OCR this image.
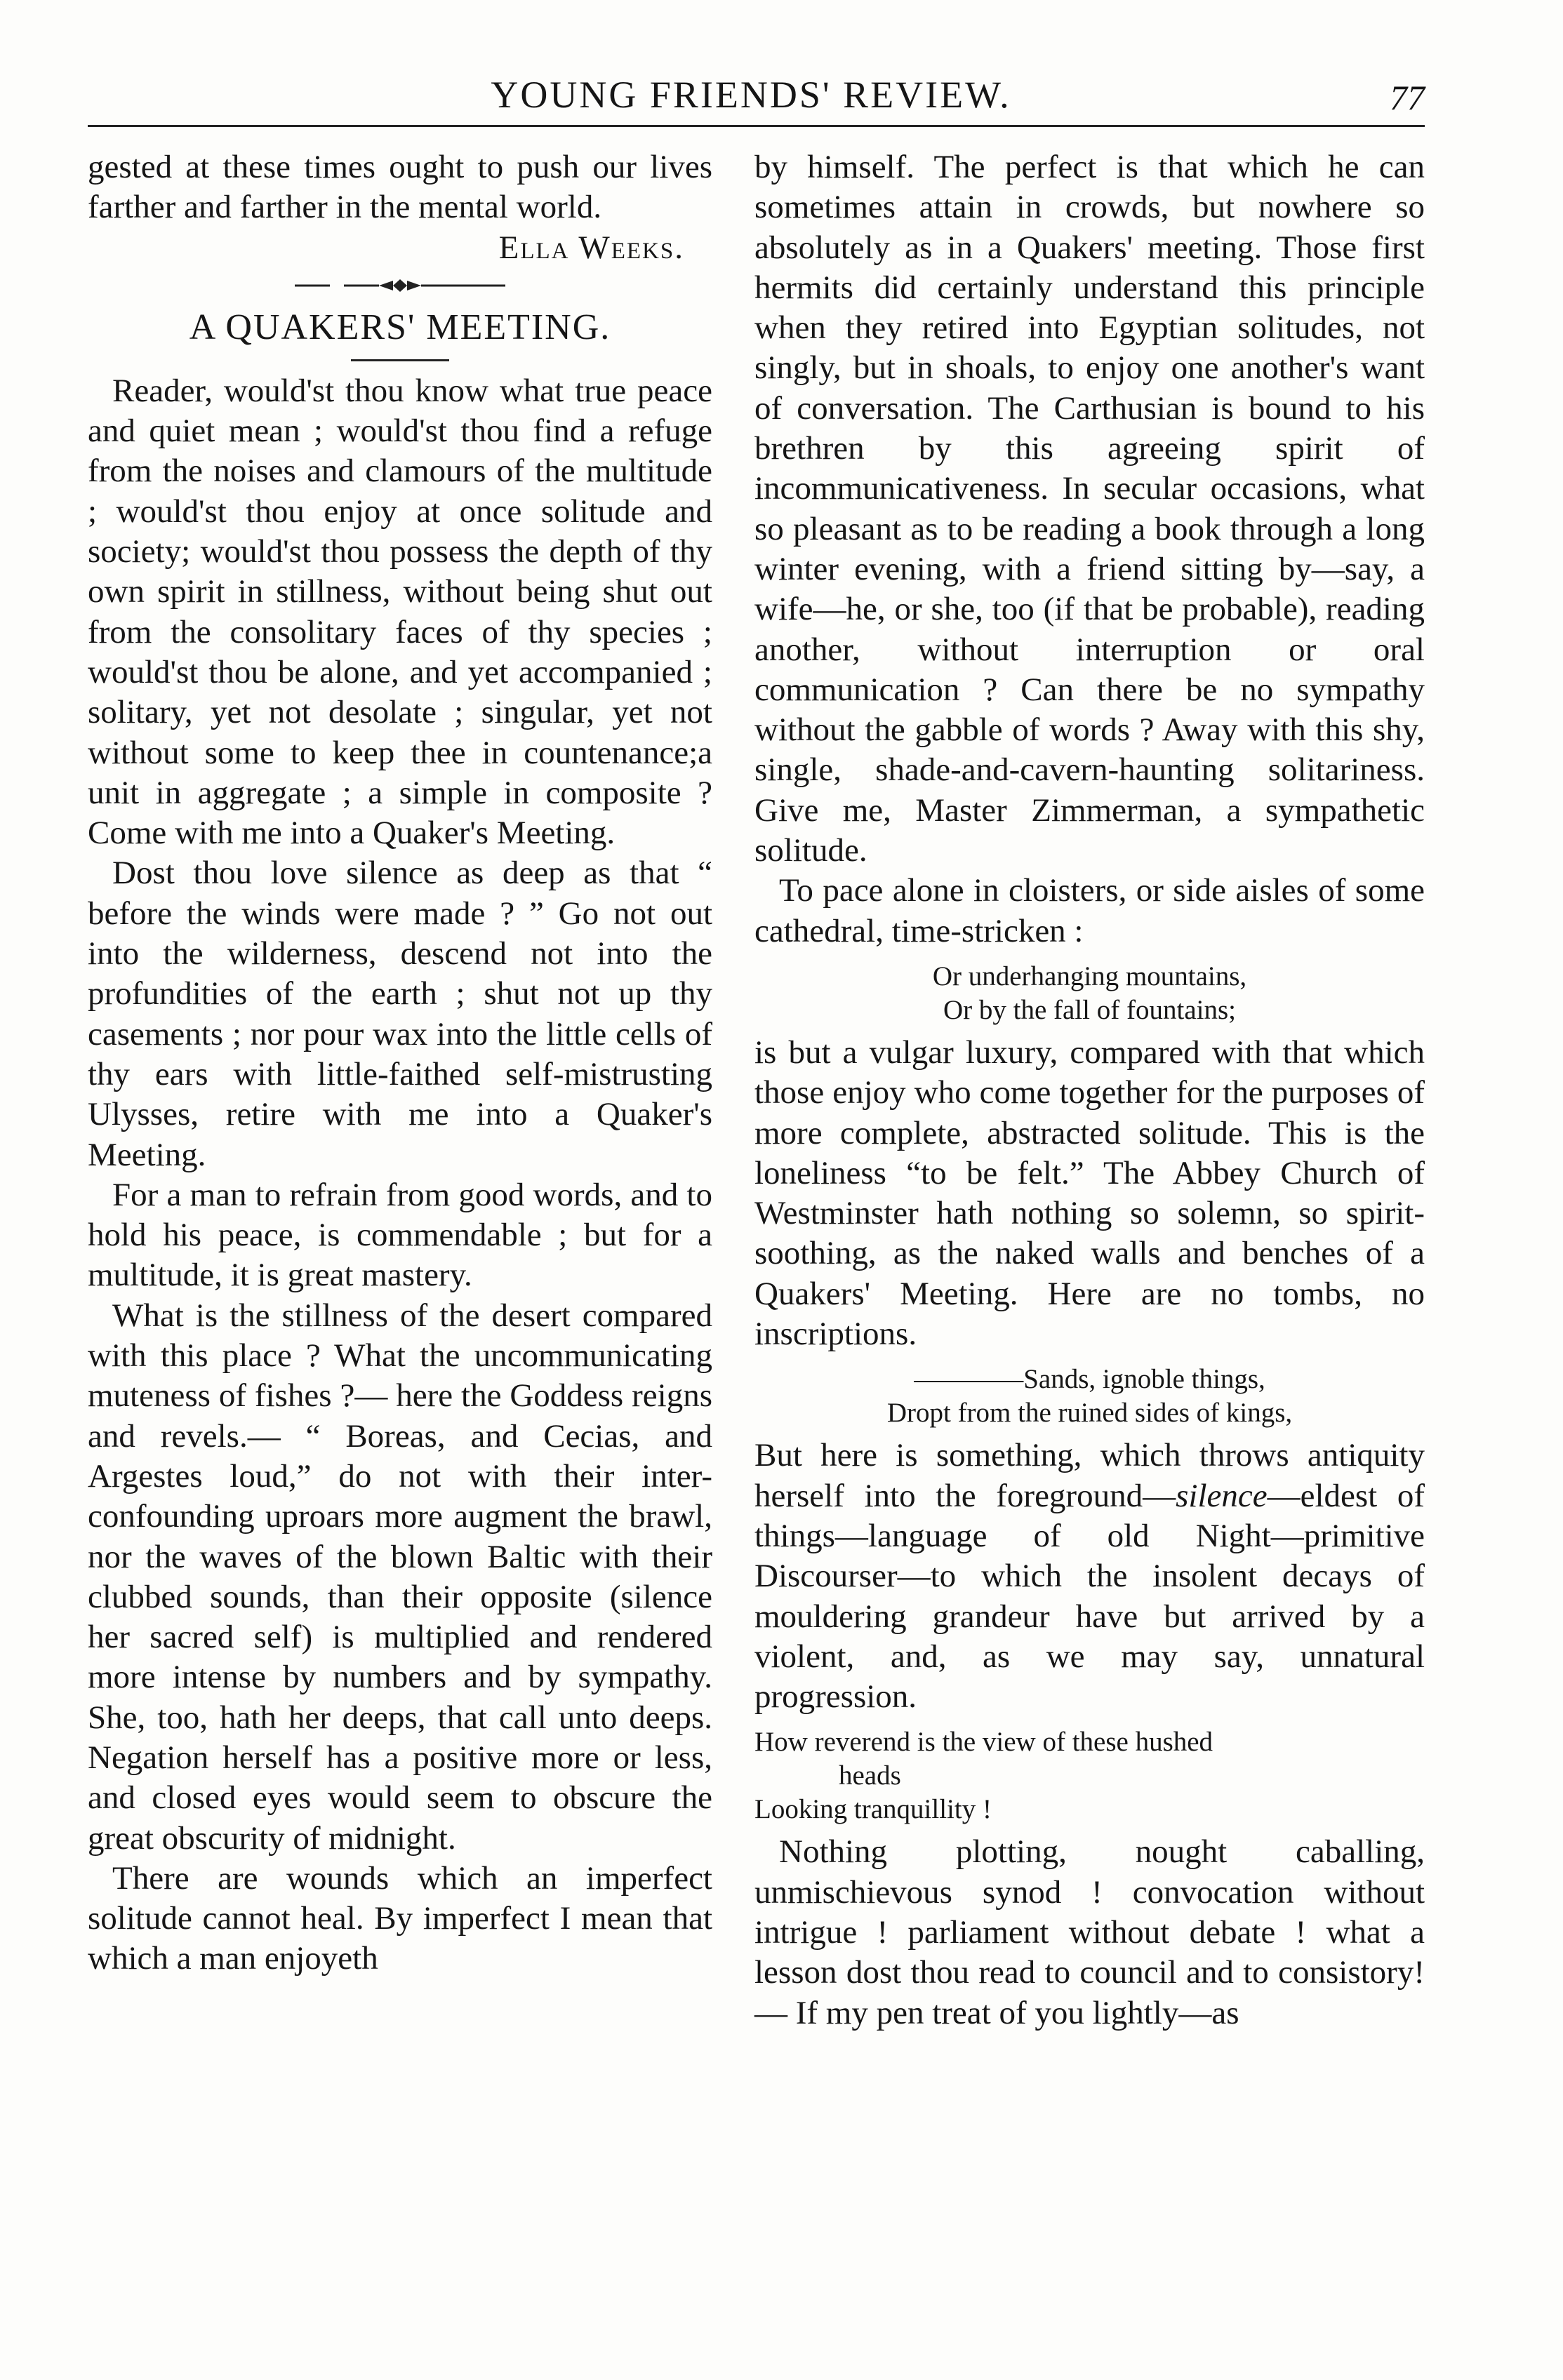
YOUNG FRIENDS' REVIEW.	77

gested at these times ought to push our lives farther and farther in the mental world.

Ella Weeks.
A QUAKERS' MEETING.

Reader, would'st thou know what true peace and quiet mean ; would'st thou find a refuge from the noises and clamours of the multitude ; would'st thou enjoy at once solitude and society; would'st thou possess the depth of thy own spirit in stillness, without being shut out from the consolitary faces of thy species ; would'st thou be alone, and yet accompanied ; solitary, yet not desolate ; singular, yet not without some to keep thee in countenance;a unit in aggregate ; a simple in composite ? Come with me into a Quaker's Meeting.

Dost thou love silence as deep as that “ before the winds were made ? ” Go not out into the wilderness, descend not into the profundities of the earth ; shut not up thy casements ; nor pour wax into the little cells of thy ears with little-faithed self-mistrusting Ulysses, retire with me into a Quaker's Meeting.

For a man to refrain from good words, and to hold his peace, is commendable ; but for a multitude, it is great mastery.

What is the stillness of the desert compared with this place ? What the uncommunicating muteness of fishes ?— here the Goddess reigns and revels.— “ Boreas, and Cecias, and Argestes loud,” do not with their inter-confounding uproars more augment the brawl, nor the waves of the blown Baltic with their clubbed sounds, than their opposite (silence her sacred self) is multiplied and rendered more intense by numbers and by sympathy. She, too, hath her deeps, that call unto deeps. Negation herself has a positive more or less, and closed eyes would seem to obscure the great obscurity of midnight.

There are wounds which an imperfect solitude cannot heal. By imperfect I mean that which a man enjoyeth

by himself. The perfect is that which he can sometimes attain in crowds, but nowhere so absolutely as in a Quakers' meeting. Those first hermits did certainly understand this principle when they retired into Egyptian solitudes, not singly, but in shoals, to enjoy one another's want of conversation. The Carthusian is bound to his brethren by this agreeing spirit of incommunicativeness. In secular occasions, what so pleasant as to be reading a book through a long winter evening, with a friend sitting by—say, a wife—he, or she, too (if that be probable), reading another, without interruption or oral communication ? Can there be no sympathy without the gabble of words ? Away with this shy, single, shade-and-cavern-haunting solitariness. Give me, Master Zimmerman, a sympathetic solitude.

To pace alone in cloisters, or side aisles of some cathedral, time-stricken :

Or underhanging mountains,
Or by the fall of fountains;

is but a vulgar luxury, compared with that which those enjoy who come together for the purposes of more complete, abstracted solitude. This is the loneliness “to be felt.” The Abbey Church of Westminster hath nothing so solemn, so spirit-soothing, as the naked walls and benches of a Quakers' Meeting. Here are no tombs, no inscriptions.

————Sands, ignoble things,
Dropt from the ruined sides of kings,

But here is something, which throws antiquity herself into the foreground—silence—eldest of things—language of old Night—primitive Discourser—to which the insolent decays of mouldering grandeur have but arrived by a violent, and, as we may say, unnatural progression.

How reverend is the view of these hushed
heads
Looking tranquillity !

Nothing plotting, nought caballing, unmischievous synod ! convocation without intrigue ! parliament without debate ! what a lesson dost thou read to council and to consistory!— If my pen treat of you lightly—as
